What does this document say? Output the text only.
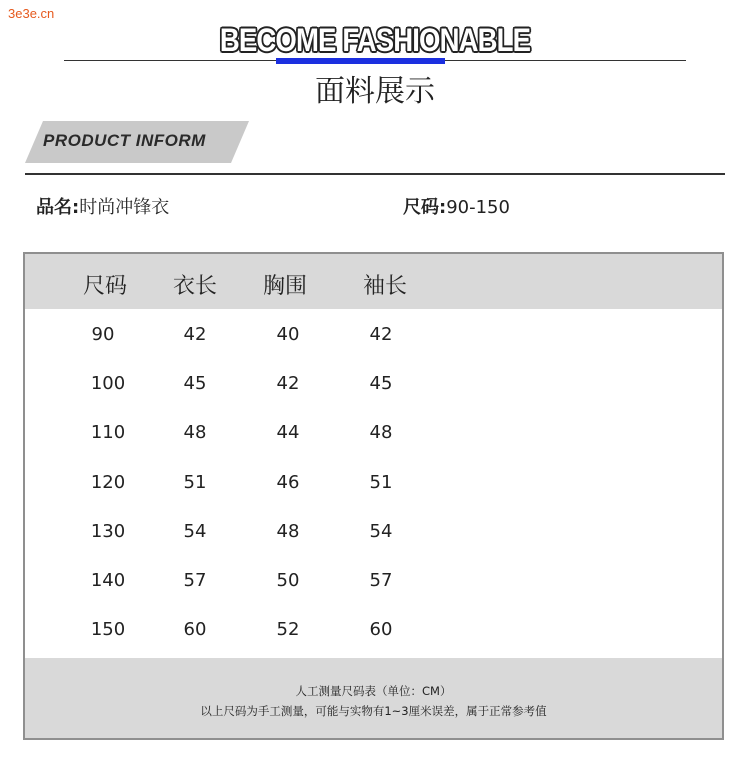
3e3e.cn
BECOME FASHIONABLE
面料展示
PRODUCT INFORM
品名:时尚冲锋衣	尺码:90-150
尺码	衣长	胸围	袖长
90	42	40	42
100	45	42	45
110	48	44	48
120	51	46	51
130	54	48	54
140	57	50	57
150	60	52	60
人工测量尺码表（单位：CM）
以上尺码为手工测量，可能与实物有1~3厘米误差，属于正常参考值
